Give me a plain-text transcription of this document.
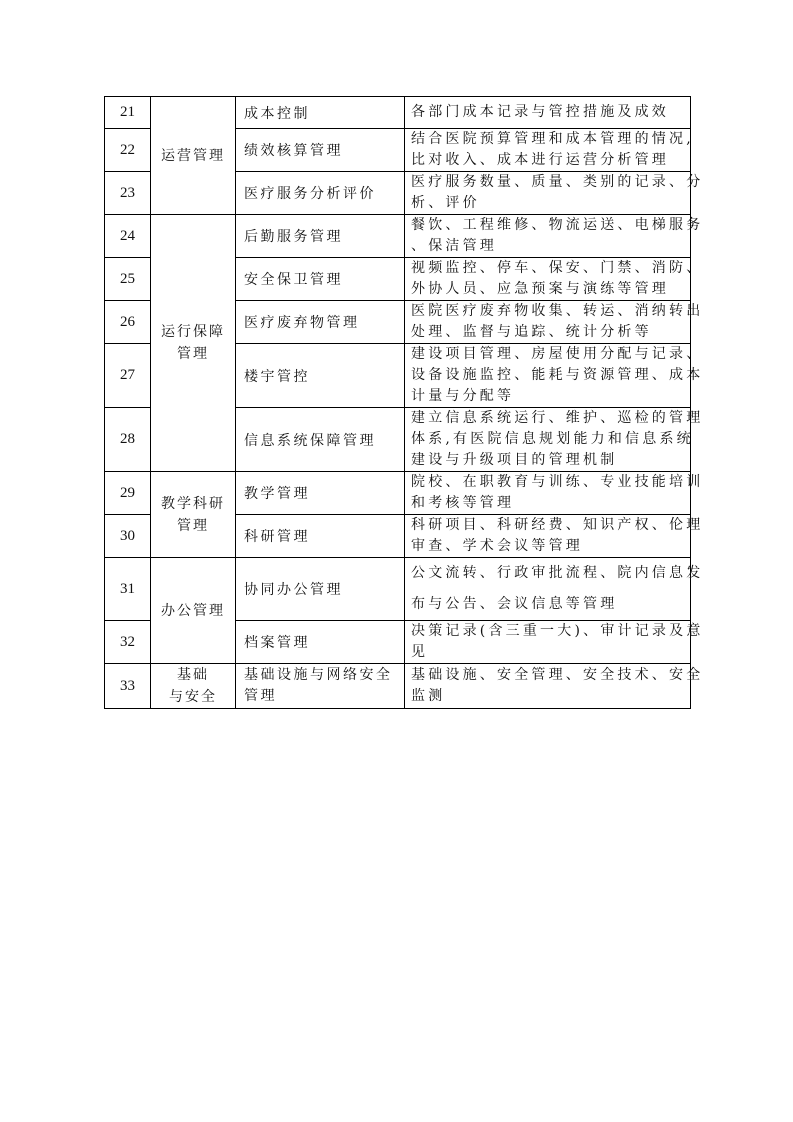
21	运营管理	成本控制	各部门成本记录与管控措施及成效

22		绩效核算管理	结合医院预算管理和成本管理的情况,
比对收入、成本进行运营分析管理

23		医疗服务分析评价	医疗服务数量、质量、类别的记录、分
析、评价

24	运行保障
管理	后勤服务管理	餐饮、工程维修、物流运送、电梯服务
、保洁管理

25		安全保卫管理	视频监控、停车、保安、门禁、消防、
外协人员、应急预案与演练等管理

26		医疗废弃物管理	医院医疗废弃物收集、转运、消纳转出
处理、监督与追踪、统计分析等

27		楼宇管控	建设项目管理、房屋使用分配与记录、
设备设施监控、能耗与资源管理、成本
计量与分配等

28		信息系统保障管理	建立信息系统运行、维护、巡检的管理
体系,有医院信息规划能力和信息系统
建设与升级项目的管理机制

29	教学科研
管理	教学管理	院校、在职教育与训练、专业技能培训
和考核等管理

30		科研管理	科研项目、科研经费、知识产权、伦理
审查、学术会议等管理

31	办公管理	协同办公管理	公文流转、行政审批流程、院内信息发
布与公告、会议信息等管理

32		档案管理	决策记录(含三重一大)、审计记录及意
见

33	基础
与安全	基础设施与网络安全
管理	基础设施、安全管理、安全技术、安全
监测
